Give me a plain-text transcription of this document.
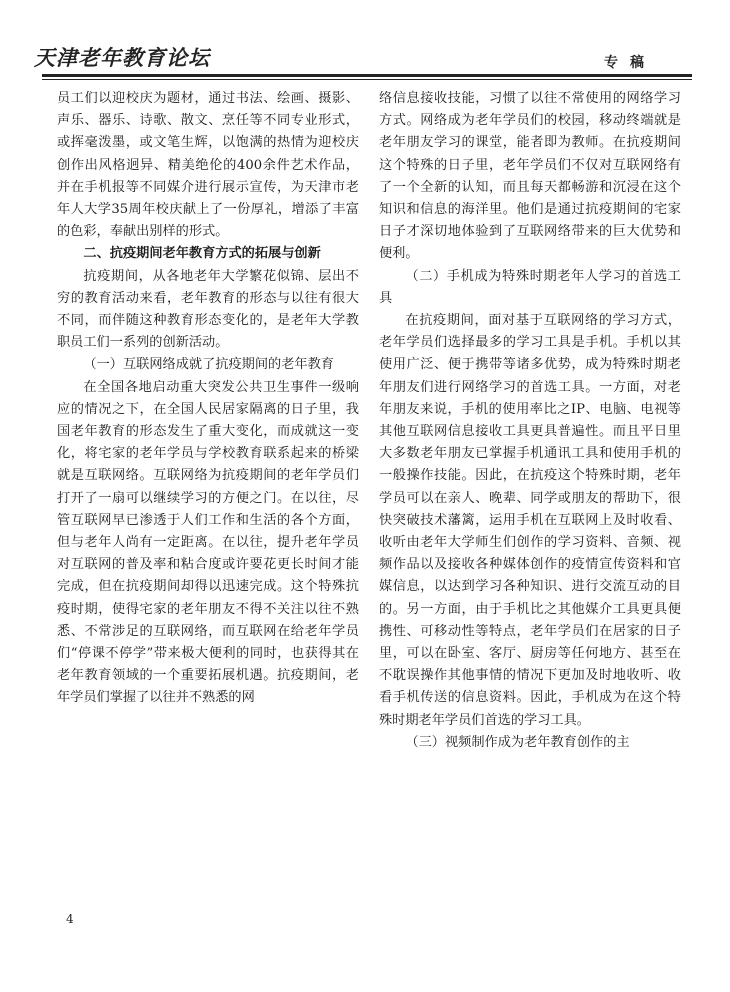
天津老年教育论坛	专稿

员工们以迎校庆为题材，通过书法、绘画、摄影、声乐、器乐、诗歌、散文、烹任等不同专业形式，或挥毫泼墨，或文笔生辉，以饱满的热情为迎校庆创作出风格迥异、精美绝伦的400余件艺术作品，并在手机报等不同媒介进行展示宣传，为天津市老年人大学35周年校庆献上了一份厚礼，增添了丰富的色彩，奉献出别样的形式。

二、抗疫期间老年教育方式的拓展与创新

抗疫期间，从各地老年大学繁花似锦、层出不穷的教育活动来看，老年教育的形态与以往有很大不同，而伴随这种教育形态变化的，是老年大学教职员工们一系列的创新活动。

（一）互联网络成就了抗疫期间的老年教育

在全国各地启动重大突发公共卫生事件一级响应的情况之下，在全国人民居家隔离的日子里，我国老年教育的形态发生了重大变化，而成就这一变化，将宅家的老年学员与学校教育联系起来的桥梁就是互联网络。互联网络为抗疫期间的老年学员们打开了一扇可以继续学习的方便之门。在以往，尽管互联网早已渗透于人们工作和生活的各个方面，但与老年人尚有一定距离。在以往，提升老年学员对互联网的普及率和粘合度或许要花更长时间才能完成，但在抗疫期间却得以迅速完成。这个特殊抗疫时期，使得宅家的老年朋友不得不关注以往不熟悉、不常涉足的互联网络，而互联网在给老年学员们“停课不停学”带来极大便利的同时，也获得其在老年教育领域的一个重要拓展机遇。抗疫期间，老年学员们掌握了以往并不熟悉的网

络信息接收技能，习惯了以往不常使用的网络学习方式。网络成为老年学员们的校园，移动终端就是老年朋友学习的课堂，能者即为教师。在抗疫期间这个特殊的日子里，老年学员们不仅对互联网络有了一个全新的认知，而且每天都畅游和沉浸在这个知识和信息的海洋里。他们是通过抗疫期间的宅家日子才深切地体验到了互联网络带来的巨大优势和便利。

（二）手机成为特殊时期老年人学习的首选工具

在抗疫期间，面对基于互联网络的学习方式，老年学员们选择最多的学习工具是手机。手机以其使用广泛、便于携带等诸多优势，成为特殊时期老年朋友们进行网络学习的首选工具。一方面，对老年朋友来说，手机的使用率比之IP、电脑、电视等其他互联网信息接收工具更具普遍性。而且平日里大多数老年朋友已掌握手机通讯工具和使用手机的一般操作技能。因此，在抗疫这个特殊时期，老年学员可以在亲人、晚辈、同学或朋友的帮助下，很快突破技术藩篱，运用手机在互联网上及时收看、收听由老年大学师生们创作的学习资料、音频、视频作品以及接收各种媒体创作的疫情宣传资料和官媒信息，以达到学习各种知识、进行交流互动的目的。另一方面，由于手机比之其他媒介工具更具便携性、可移动性等特点，老年学员们在居家的日子里，可以在卧室、客厅、厨房等任何地方、甚至在不耽误操作其他事情的情况下更加及时地收听、收看手机传送的信息资料。因此，手机成为在这个特殊时期老年学员们首选的学习工具。

（三）视频制作成为老年教育创作的主
4
